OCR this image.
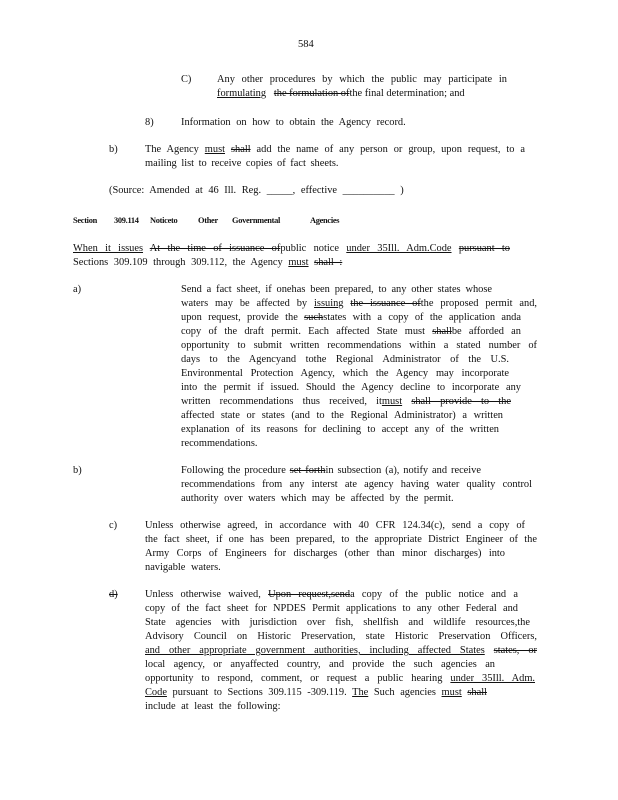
584
C)	Any other procedures by which the public may participate in
formulating the formulation ofthe final determination; and
8)	Information on how to obtain the Agency record.
b)	The Agency must shall add the name of any person or group, upon request, to a
mailing list to receive copies of fact sheets.
(Source: Amended at 46 Ill. Reg. _____, effective __________ )
Section 309.114 Noticeto Other Governmental	Agencies
When it issues At the time of issuance ofpublic notice under 35Ill. Adm.Code pursuant to
Sections 309.109 through 309.112, the Agency must shall :
a)	Send a fact sheet, if onehas been prepared, to any other states whose
waters may be affected by issuing the issuance ofthe proposed permit and,
upon request, provide the suchstates with a copy of the application anda
copy of the draft permit. Each affected State must shallbe afforded an
opportunity to submit written recommendations within a stated number of
days to the Agencyand tothe Regional Administrator of the U.S.
Environmental Protection Agency, which the Agency may incorporate
into the permit if issued. Should the Agency decline to incorporate any
written recommendations thus received, itmust shall provide to the
affected state or states (and to the Regional Administrator) a written
explanation of its reasons for declining to accept any of the written
recommendations.
b)	Following the procedure set forthin subsection (a), notify and receive
recommendations from any interst ate agency having water quality control
authority over waters which may be affected by the permit.
c)	Unless otherwise agreed, in accordance with 40 CFR 124.34(c), send a copy of
the fact sheet, if one has been prepared, to the appropriate District Engineer of the
Army Corps of Engineers for discharges (other than minor discharges) into
navigable waters.
d)	Unless otherwise waived, Upon request,senda copy of the public notice and a
copy of the fact sheet for NPDES Permit applications to any other Federal and
State agencies with jurisdiction over fish, shellfish and wildlife resources,the
Advisory Council on Historic Preservation, state Historic Preservation Officers,
and other appropriate government authorities, including affected States states, or
local agency, or anyaffected country, and provide the such agencies an
opportunity to respond, comment, or request a public hearing under 35Ill. Adm.
Code pursuant to Sections 309.115 -309.119. The Such agencies must shall
include at least the following:
